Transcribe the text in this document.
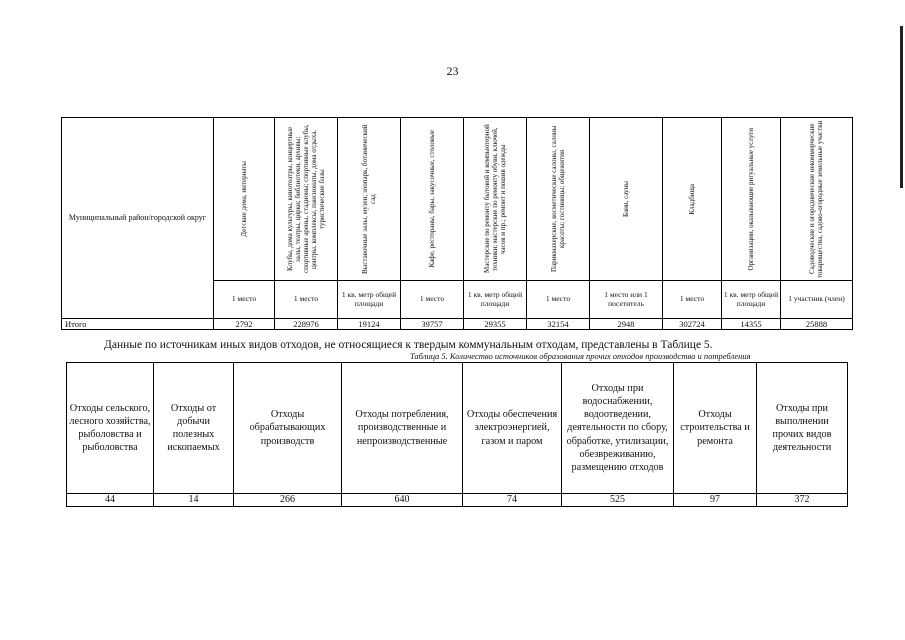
23
Муниципальный район/городской округ	Детские дома, интернаты	Клубы, дома культуры, кинотеатры, концертные залы, театры, цирки; библиотеки, архивы; спортивные арены, стадионы; спортивные клубы, центры, комплексы, пансионаты, дома отдыха, туристические базы	Выставочные залы, музеи; зоопарк, ботанический сад	Кафе, рестораны, бары, закусочные, столовые	Мастерские по ремонту бытовой и компьютерной техники; мастерские по ремонту обуви, ключей, часов и пр.; ремонт и пошив одежды	Парикмахерские, косметические салоны, салоны красоты; гостиницы; общежития	Бани, сауны	Кладбища	Организации, оказывающие ритуальные услуги	Садоводческие и огороднические некоммерческие товарищества, садово-огородные земельные участки

	1 место	1 место	1 кв. метр общей площади	1 место	1 кв. метр общей площади	1 место	1 место или 1 посетитель	1 место	1 кв. метр общей площади	1 участник (член)
Итого	2792	228976	19124	39757	29355	32154	2948	302724	14355	25888
Данные по источникам иных видов отходов, не относящиеся к твердым коммунальным отходам, представлены в Таблице 5.
Таблица 5. Количество источников образования прочих отходов производства и потребления
Отходы сельского, лесного хозяйства, рыболовства и рыболовства	Отходы от добычи полезных ископаемых	Отходы обрабатывающих производств	Отходы потребления, производственные и непроизводственные	Отходы обеспечения электроэнергией, газом и паром	Отходы при водоснабжении, водоотведении, деятельности по сбору, обработке, утилизации, обезвреживанию, размещению отходов	Отходы строительства и ремонта	Отходы при выполнении прочих видов деятельности
44	14	266	640	74	525	97	372
